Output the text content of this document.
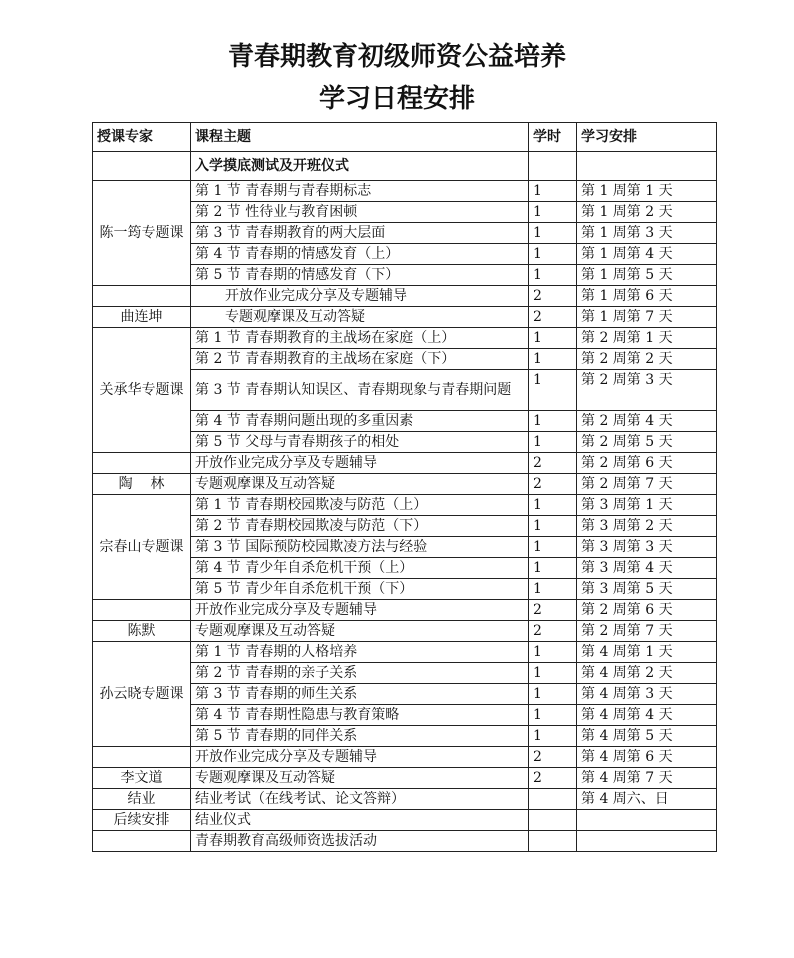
青春期教育初级师资公益培养
学习日程安排
授课专家	课程主题	学时	学习安排
	入学摸底测试及开班仪式		
陈一筠专题课	第 1 节 青春期与青春期标志	1	第 1 周第 1 天
	第 2 节 性待业与教育困顿	1	第 1 周第 2 天
	第 3 节 青春期教育的两大层面	1	第 1 周第 3 天
	第 4 节 青春期的情感发育（上）	1	第 1 周第 4 天
	第 5 节 青春期的情感发育（下）	1	第 1 周第 5 天
	开放作业完成分享及专题辅导	2	第 1 周第 6 天
曲连坤	专题观摩课及互动答疑	2	第 1 周第 7 天
关承华专题课	第 1 节 青春期教育的主战场在家庭（上）	1	第 2 周第 1 天
	第 2 节 青春期教育的主战场在家庭（下）	1	第 2 周第 2 天
	第 3 节 青春期认知误区、青春期现象与青春期问题	1	第 2 周第 3 天
	第 4 节 青春期问题出现的多重因素	1	第 2 周第 4 天
	第 5 节 父母与青春期孩子的相处	1	第 2 周第 5 天
	开放作业完成分享及专题辅导	2	第 2 周第 6 天
陶    林	专题观摩课及互动答疑	2	第 2 周第 7 天
宗春山专题课	第 1 节 青春期校园欺凌与防范（上）	1	第 3 周第 1 天
	第 2 节 青春期校园欺凌与防范（下）	1	第 3 周第 2 天
	第 3 节 国际预防校园欺凌方法与经验	1	第 3 周第 3 天
	第 4 节 青少年自杀危机干预（上）	1	第 3 周第 4 天
	第 5 节 青少年自杀危机干预（下）	1	第 3 周第 5 天
	开放作业完成分享及专题辅导	2	第 2 周第 6 天
陈默	专题观摩课及互动答疑	2	第 2 周第 7 天
孙云晓专题课	第 1 节 青春期的人格培养	1	第 4 周第 1 天
	第 2 节 青春期的亲子关系	1	第 4 周第 2 天
	第 3 节 青春期的师生关系	1	第 4 周第 3 天
	第 4 节 青春期性隐患与教育策略	1	第 4 周第 4 天
	第 5 节 青春期的同伴关系	1	第 4 周第 5 天
	开放作业完成分享及专题辅导	2	第 4 周第 6 天
李文道	专题观摩课及互动答疑	2	第 4 周第 7 天
结业	结业考试（在线考试、论文答辩）		第 4 周六、日
后续安排	结业仪式		
	青春期教育高级师资选拔活动		
